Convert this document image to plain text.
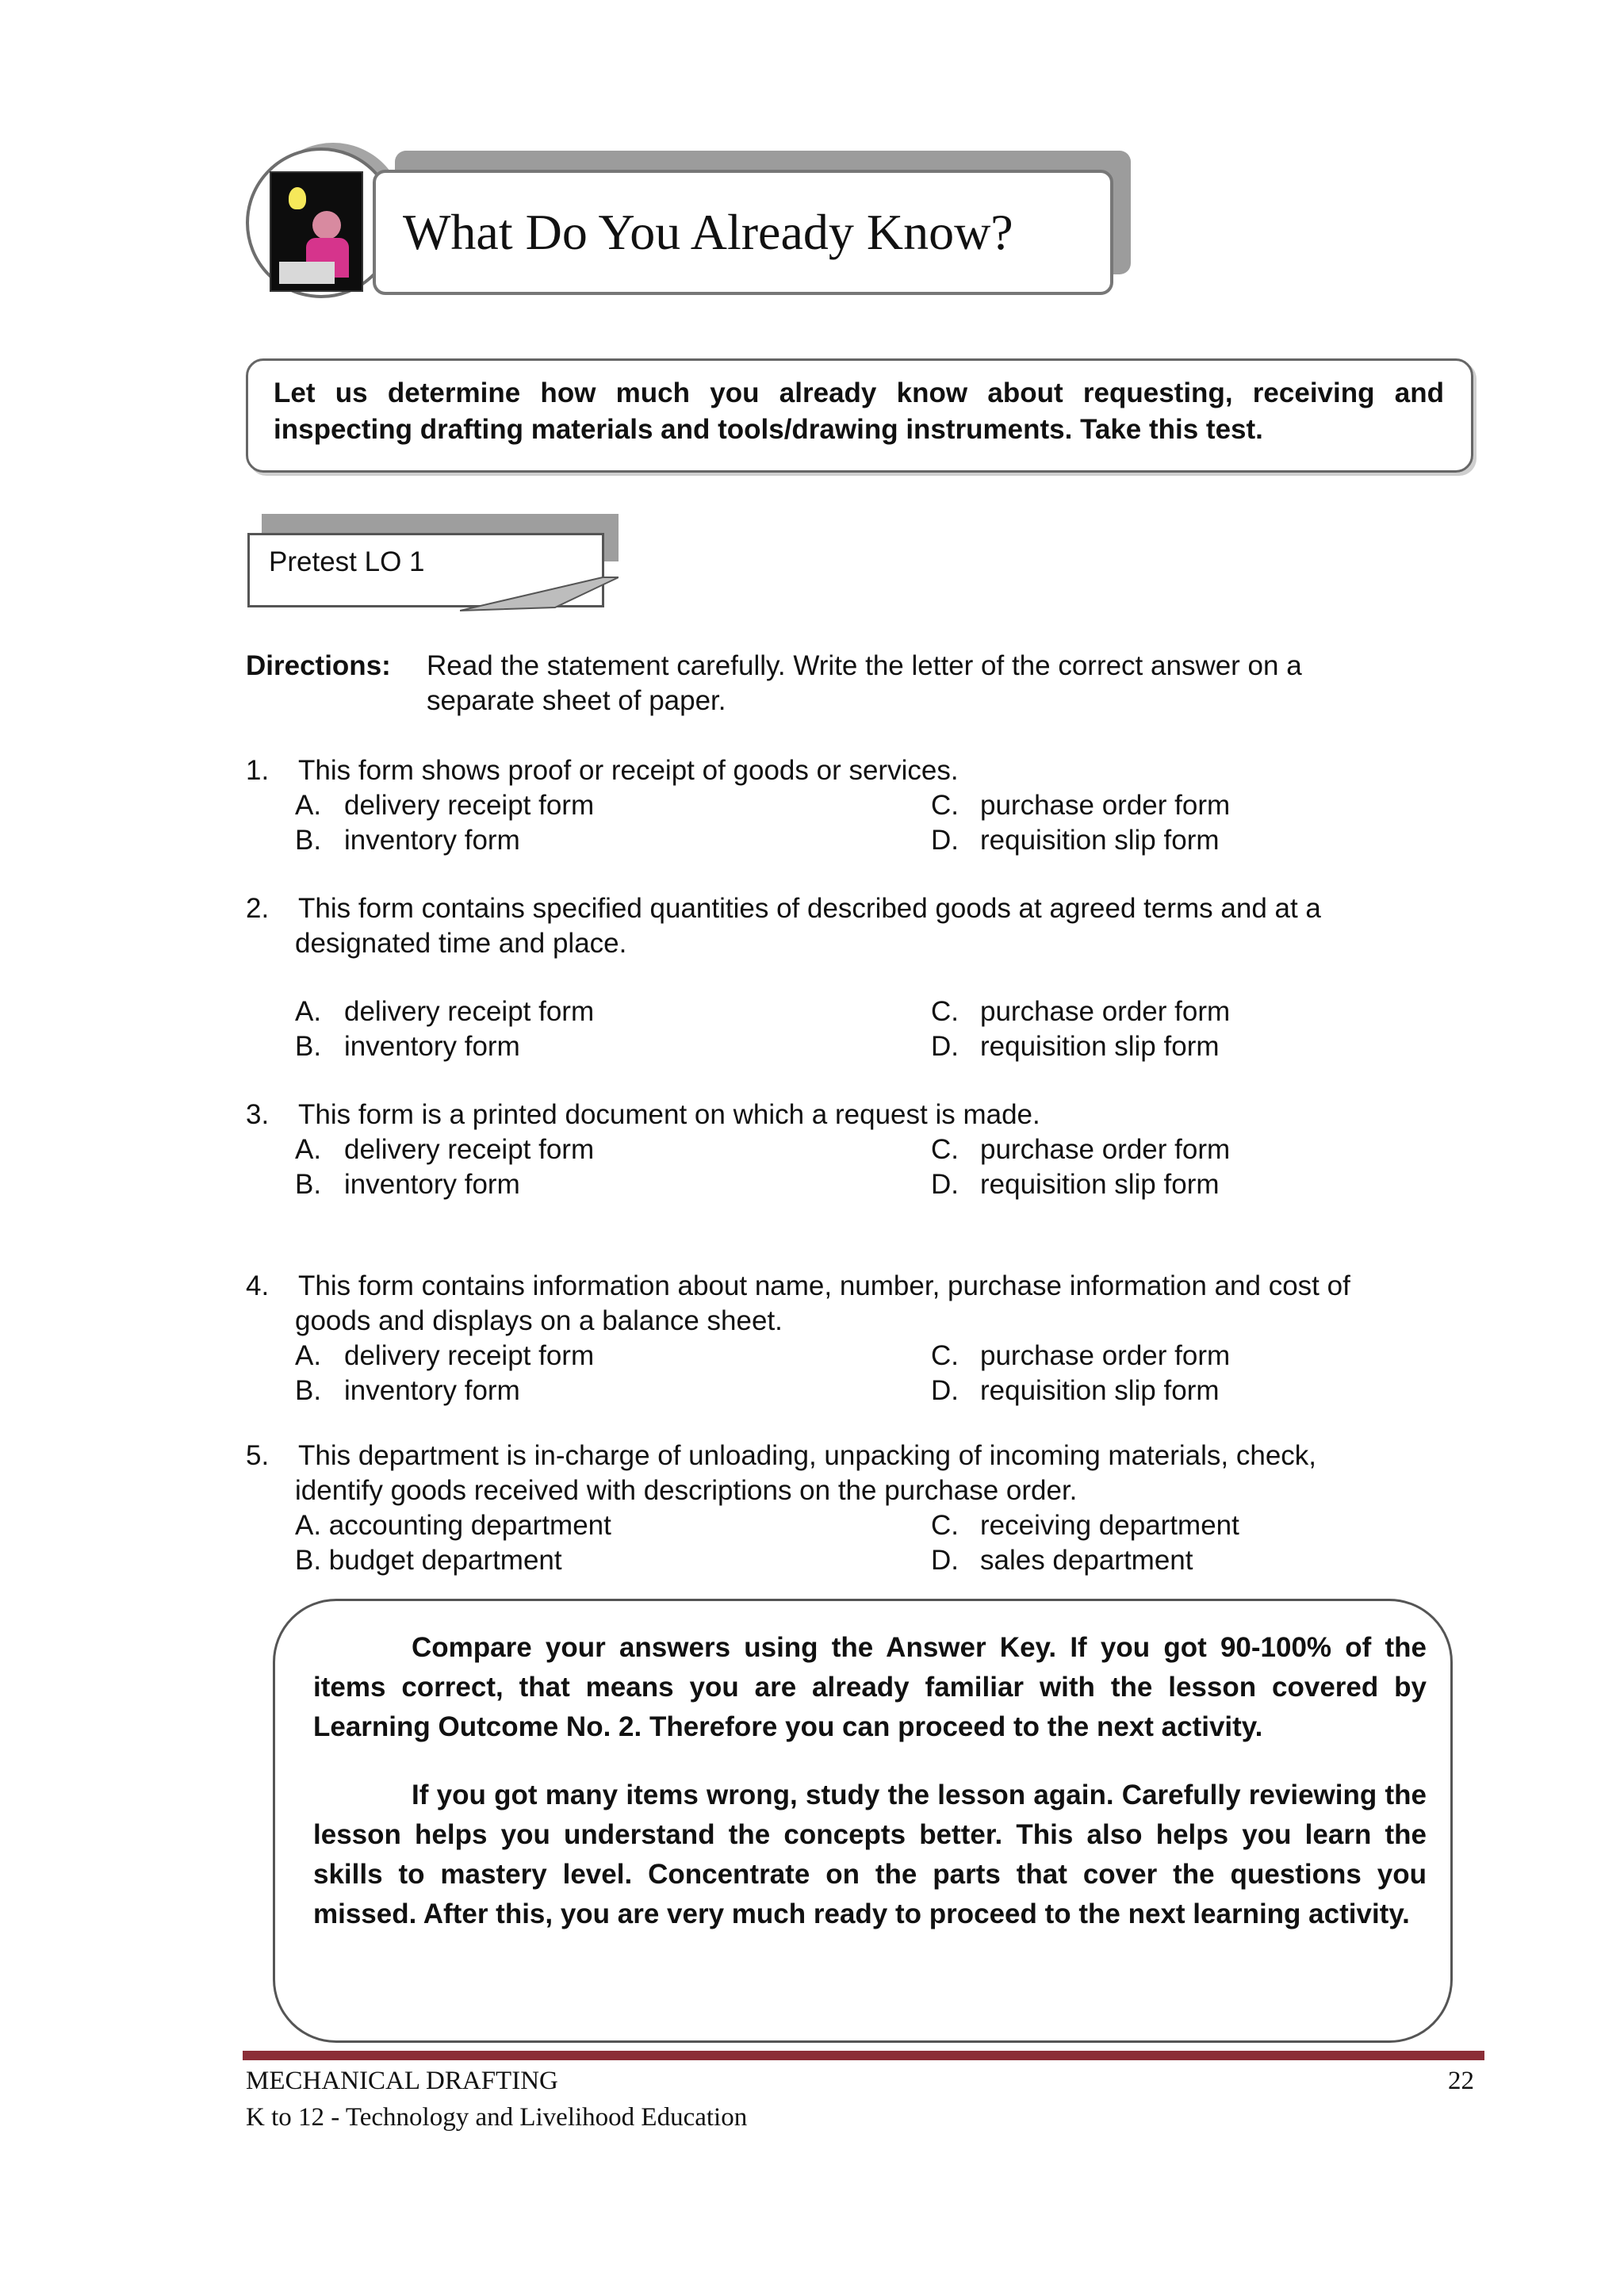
What Do You Already Know?
Let us determine how much you already know about requesting, receiving and inspecting drafting materials and tools/drawing instruments. Take this test.
Pretest LO 1
Directions: Read the statement carefully. Write the letter of the correct answer on a
separate sheet of paper.
1. This form shows proof or receipt of goods or services.
A. delivery receipt form	C. purchase order form
B. inventory form	D. requisition slip form
2. This form contains specified quantities of described goods at agreed terms and at a
designated time and place.
A. delivery receipt form	C. purchase order form
B. inventory form	D. requisition slip form
3. This form is a printed document on which a request is made.
A. delivery receipt form	C. purchase order form
B. inventory form	D. requisition slip form
4. This form contains information about name, number, purchase information and cost of
goods and displays on a balance sheet.
A. delivery receipt form	C. purchase order form
B. inventory form	D. requisition slip form
5. This department is in-charge of unloading, unpacking of incoming materials, check,
identify goods received with descriptions on the purchase order.
A. accounting department	C. receiving department
B. budget department	D. sales department

Compare your answers using the Answer Key. If you got 90-100% of the items correct, that means you are already familiar with the lesson covered by Learning Outcome No. 2. Therefore you can proceed to the next activity.

If you got many items wrong, study the lesson again. Carefully reviewing the lesson helps you understand the concepts better. This also helps you learn the skills to mastery level. Concentrate on the parts that cover the questions you missed. After this, you are very much ready to proceed to the next learning activity.

MECHANICAL DRAFTING
K to 12 - Technology and Livelihood Education
22
